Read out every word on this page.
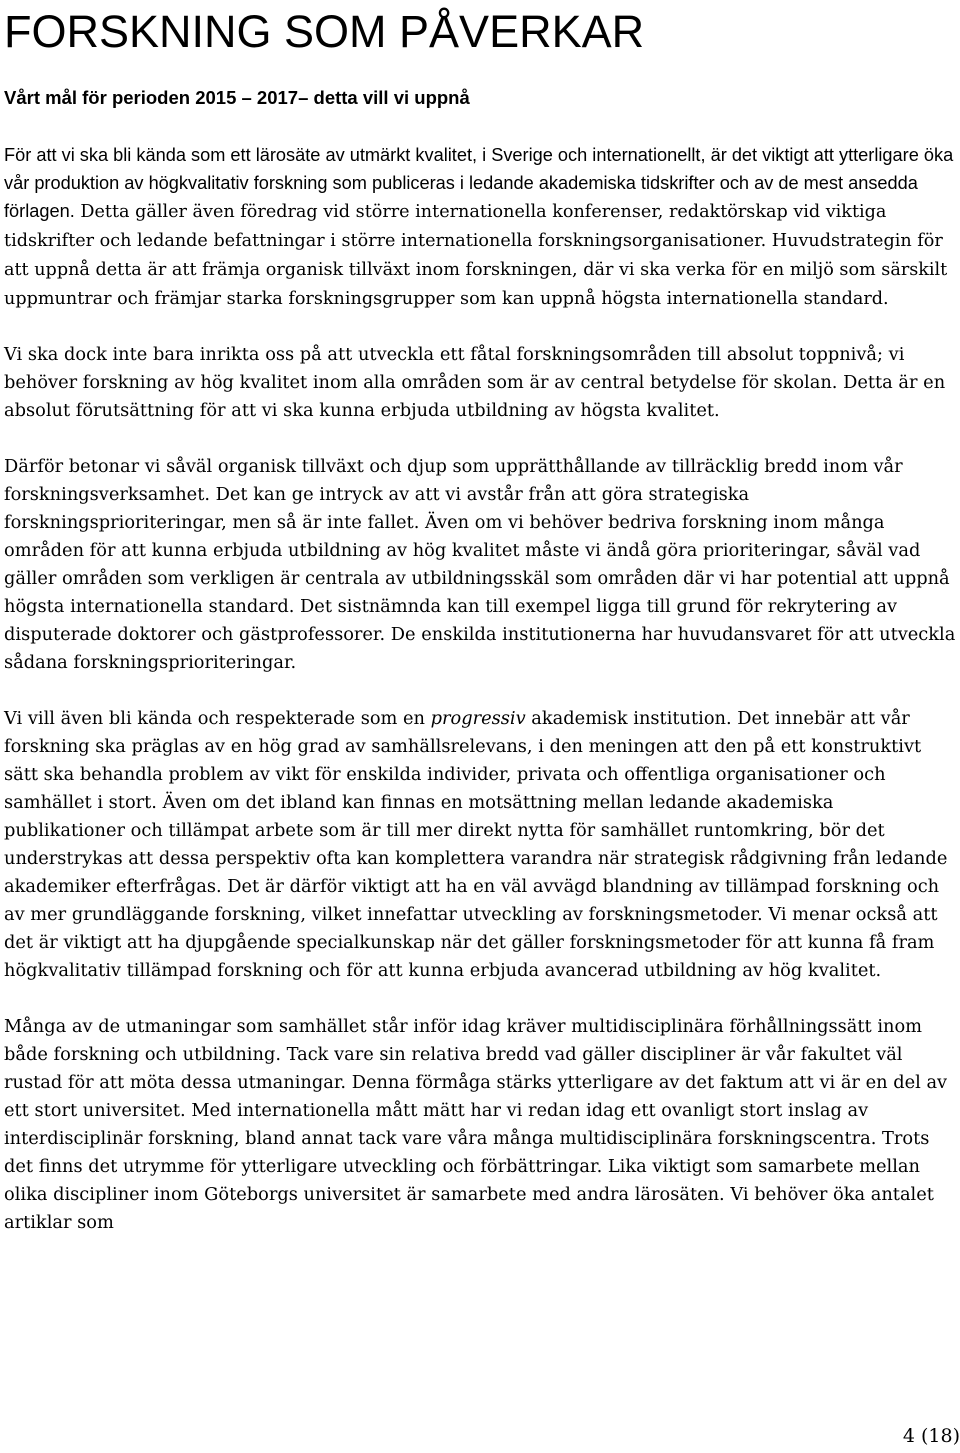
FORSKNING SOM PÅVERKAR
Vårt mål för perioden 2015 – 2017– detta vill vi uppnå

För att vi ska bli kända som ett lärosäte av utmärkt kvalitet, i Sverige och internationellt, är det viktigt att ytterligare öka vår produktion av högkvalitativ forskning som publiceras i ledande akademiska tidskrifter och av de mest ansedda förlagen. Detta gäller även föredrag vid större internationella konferenser, redaktörskap vid viktiga tidskrifter och ledande befattningar i större internationella forskningsorganisationer. Huvudstrategin för att uppnå detta är att främja organisk tillväxt inom forskningen, där vi ska verka för en miljö som särskilt uppmuntrar och främjar starka forskningsgrupper som kan uppnå högsta internationella standard.

Vi ska dock inte bara inrikta oss på att utveckla ett fåtal forskningsområden till absolut toppnivå; vi behöver forskning av hög kvalitet inom alla områden som är av central betydelse för skolan. Detta är en absolut förutsättning för att vi ska kunna erbjuda utbildning av högsta kvalitet.

Därför betonar vi såväl organisk tillväxt och djup som upprätthållande av tillräcklig bredd inom vår forskningsverksamhet. Det kan ge intryck av att vi avstår från att göra strategiska forskningsprioriteringar, men så är inte fallet. Även om vi behöver bedriva forskning inom många områden för att kunna erbjuda utbildning av hög kvalitet måste vi ändå göra prioriteringar, såväl vad gäller områden som verkligen är centrala av utbildningsskäl som områden där vi har potential att uppnå högsta internationella standard. Det sistnämnda kan till exempel ligga till grund för rekrytering av disputerade doktorer och gästprofessorer. De enskilda institutionerna har huvudansvaret för att utveckla sådana forskningsprioriteringar.

Vi vill även bli kända och respekterade som en progressiv akademisk institution. Det innebär att vår forskning ska präglas av en hög grad av samhällsrelevans, i den meningen att den på ett konstruktivt sätt ska behandla problem av vikt för enskilda individer, privata och offentliga organisationer och samhället i stort. Även om det ibland kan finnas en motsättning mellan ledande akademiska publikationer och tillämpat arbete som är till mer direkt nytta för samhället runtomkring, bör det understrykas att dessa perspektiv ofta kan komplettera varandra när strategisk rådgivning från ledande akademiker efterfrågas. Det är därför viktigt att ha en väl avvägd blandning av tillämpad forskning och av mer grundläggande forskning, vilket innefattar utveckling av forskningsmetoder. Vi menar också att det är viktigt att ha djupgående specialkunskap när det gäller forskningsmetoder för att kunna få fram högkvalitativ tillämpad forskning och för att kunna erbjuda avancerad utbildning av hög kvalitet.

Många av de utmaningar som samhället står inför idag kräver multidisciplinära förhållningssätt inom både forskning och utbildning. Tack vare sin relativa bredd vad gäller discipliner är vår fakultet väl rustad för att möta dessa utmaningar. Denna förmåga stärks ytterligare av det faktum att vi är en del av ett stort universitet. Med internationella mått mätt har vi redan idag ett ovanligt stort inslag av interdisciplinär forskning, bland annat tack vare våra många multidisciplinära forskningscentra. Trots det finns det utrymme för ytterligare utveckling och förbättringar. Lika viktigt som samarbete mellan olika discipliner inom Göteborgs universitet är samarbete med andra lärosäten. Vi behöver öka antalet artiklar som

4 (18)
